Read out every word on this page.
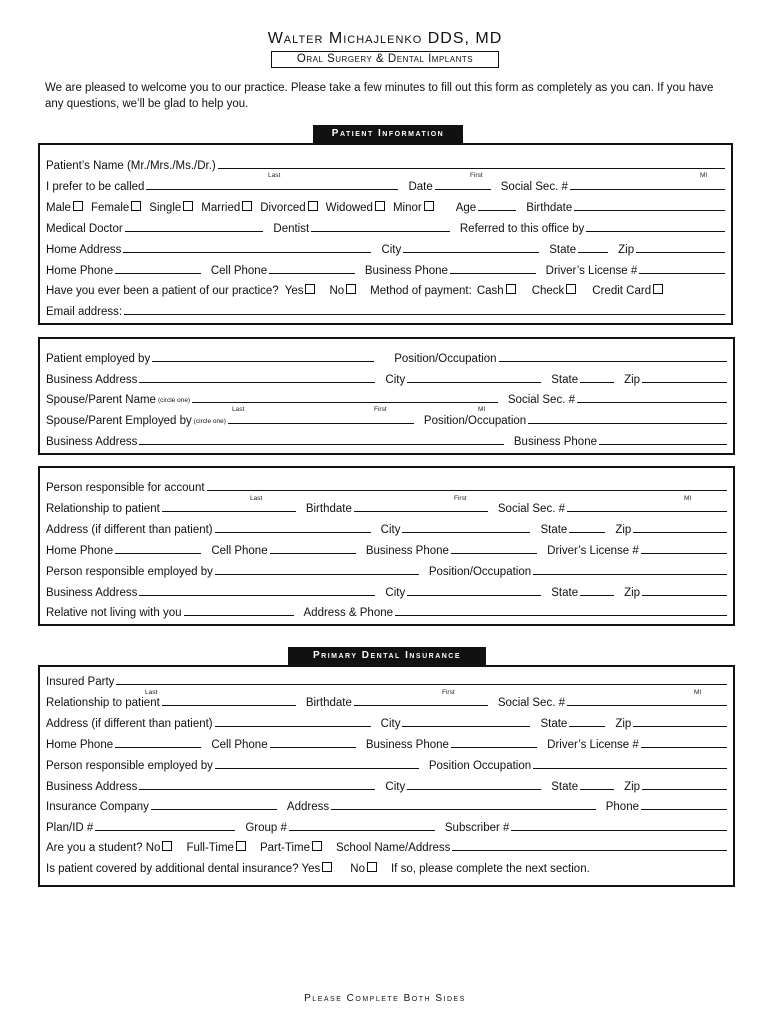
Walter Michajlenko DDS, MD
Oral Surgery & Dental Implants
We are pleased to welcome you to our practice. Please take a few minutes to fill out this form as completely as you can. If you have any questions, we’ll be glad to help you.
Patient Information
Patient’s Name (Mr./Mrs./Ms./Dr.)
Last	First	MI
I prefer to be called	Date	Social Sec. #
Male Female Single Married Divorced Widowed Minor	Age	Birthdate
Medical Doctor	Dentist	Referred to this office by
Home Address	City	State	Zip
Home Phone	Cell Phone	Business Phone	Driver’s License #
Have you ever been a patient of our practice? Yes No Method of payment: Cash Check Credit Card
Email address:
Patient employed by	Position/Occupation
Business Address	City	State	Zip
Spouse/Parent Name (circle one)	Social Sec. #
Last	First	MI
Spouse/Parent Employed by (circle one)	Position/Occupation
Business Address	Business Phone
Person responsible for account
Last	First	MI
Relationship to patient	Birthdate	Social Sec. #
Address (if different than patient)	City	State	Zip
Home Phone	Cell Phone	Business Phone	Driver’s License #
Person responsible employed by	Position/Occupation
Business Address	City	State	Zip
Relative not living with you	Address & Phone
Primary Dental Insurance
Insured Party
Last	First	MI
Relationship to patient	Birthdate	Social Sec. #
Address (if different than patient)	City	State	Zip
Home Phone	Cell Phone	Business Phone	Driver’s License #
Person responsible employed by	Position Occupation
Business Address	City	State	Zip
Insurance Company	Address	Phone
Plan/ID #	Group #	Subscriber #
Are you a student? No Full-Time Part-Time School Name/Address
Is patient covered by additional dental insurance? Yes	No If so, please complete the next section.
Please Complete Both Sides
